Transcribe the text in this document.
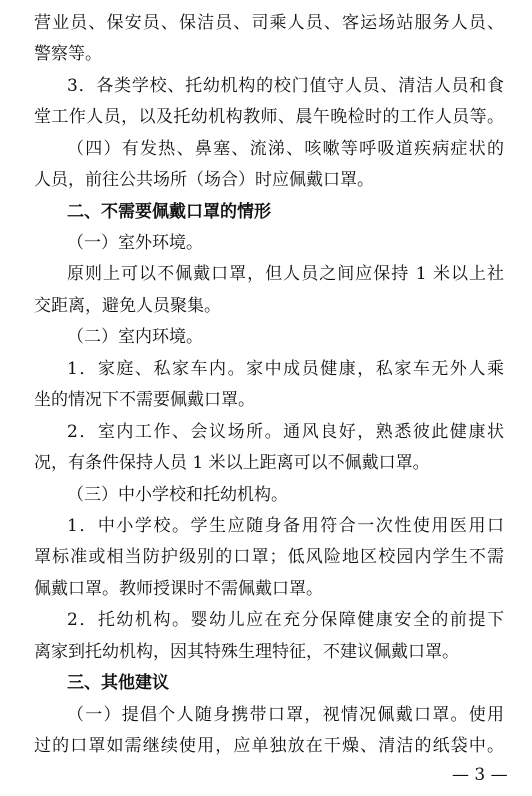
营业员、保安员、保洁员、司乘人员、客运场站服务人员、
警察等。
3．各类学校、托幼机构的校门值守人员、清洁人员和食
堂工作人员，以及托幼机构教师、晨午晚检时的工作人员等。
（四）有发热、鼻塞、流涕、咳嗽等呼吸道疾病症状的
人员，前往公共场所（场合）时应佩戴口罩。
二、不需要佩戴口罩的情形
（一）室外环境。
原则上可以不佩戴口罩，但人员之间应保持 1 米以上社
交距离，避免人员聚集。
（二）室内环境。
1．家庭、私家车内。家中成员健康，私家车无外人乘
坐的情况下不需要佩戴口罩。
2．室内工作、会议场所。通风良好，熟悉彼此健康状
况，有条件保持人员 1 米以上距离可以不佩戴口罩。
（三）中小学校和托幼机构。
1．中小学校。学生应随身备用符合一次性使用医用口
罩标准或相当防护级别的口罩；低风险地区校园内学生不需
佩戴口罩。教师授课时不需佩戴口罩。
2．托幼机构。婴幼儿应在充分保障健康安全的前提下
离家到托幼机构，因其特殊生理特征，不建议佩戴口罩。
三、其他建议
（一）提倡个人随身携带口罩，视情况佩戴口罩。使用
过的口罩如需继续使用，应单独放在干燥、清洁的纸袋中。
— 3 —
